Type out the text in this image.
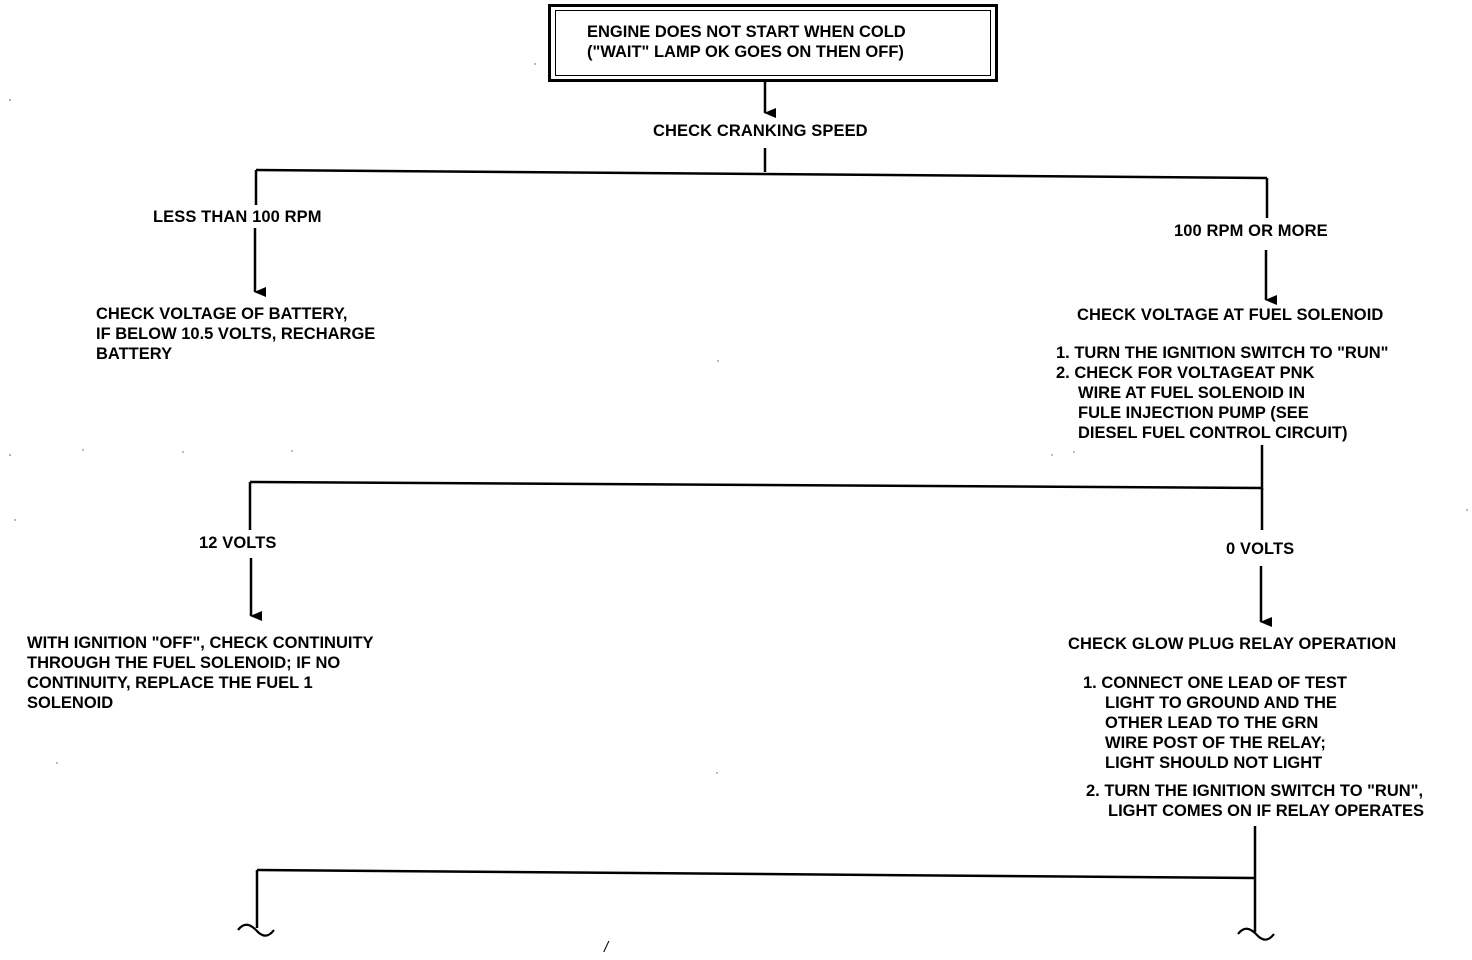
ENGINE DOES NOT START WHEN COLD
("WAIT" LAMP OK GOES ON THEN OFF)
CHECK CRANKING SPEED
LESS THAN 100 RPM
CHECK VOLTAGE OF BATTERY,
IF BELOW 10.5 VOLTS, RECHARGE
BATTERY
100 RPM OR MORE
CHECK VOLTAGE AT FUEL SOLENOID
1. TURN THE IGNITION SWITCH TO "RUN"
2. CHECK FOR VOLTAGEAT PNK
WIRE AT FUEL SOLENOID IN
FULE INJECTION PUMP (SEE
DIESEL FUEL CONTROL CIRCUIT)
12 VOLTS
WITH IGNITION "OFF", CHECK CONTINUITY
THROUGH THE FUEL SOLENOID; IF NO
CONTINUITY, REPLACE THE FUEL 1
SOLENOID
0 VOLTS
CHECK GLOW PLUG RELAY OPERATION
1. CONNECT ONE LEAD OF TEST
LIGHT TO GROUND AND THE
OTHER LEAD TO THE GRN
WIRE POST OF THE RELAY;
LIGHT SHOULD NOT LIGHT
2. TURN THE IGNITION SWITCH TO "RUN",
LIGHT COMES ON IF RELAY OPERATES
/
